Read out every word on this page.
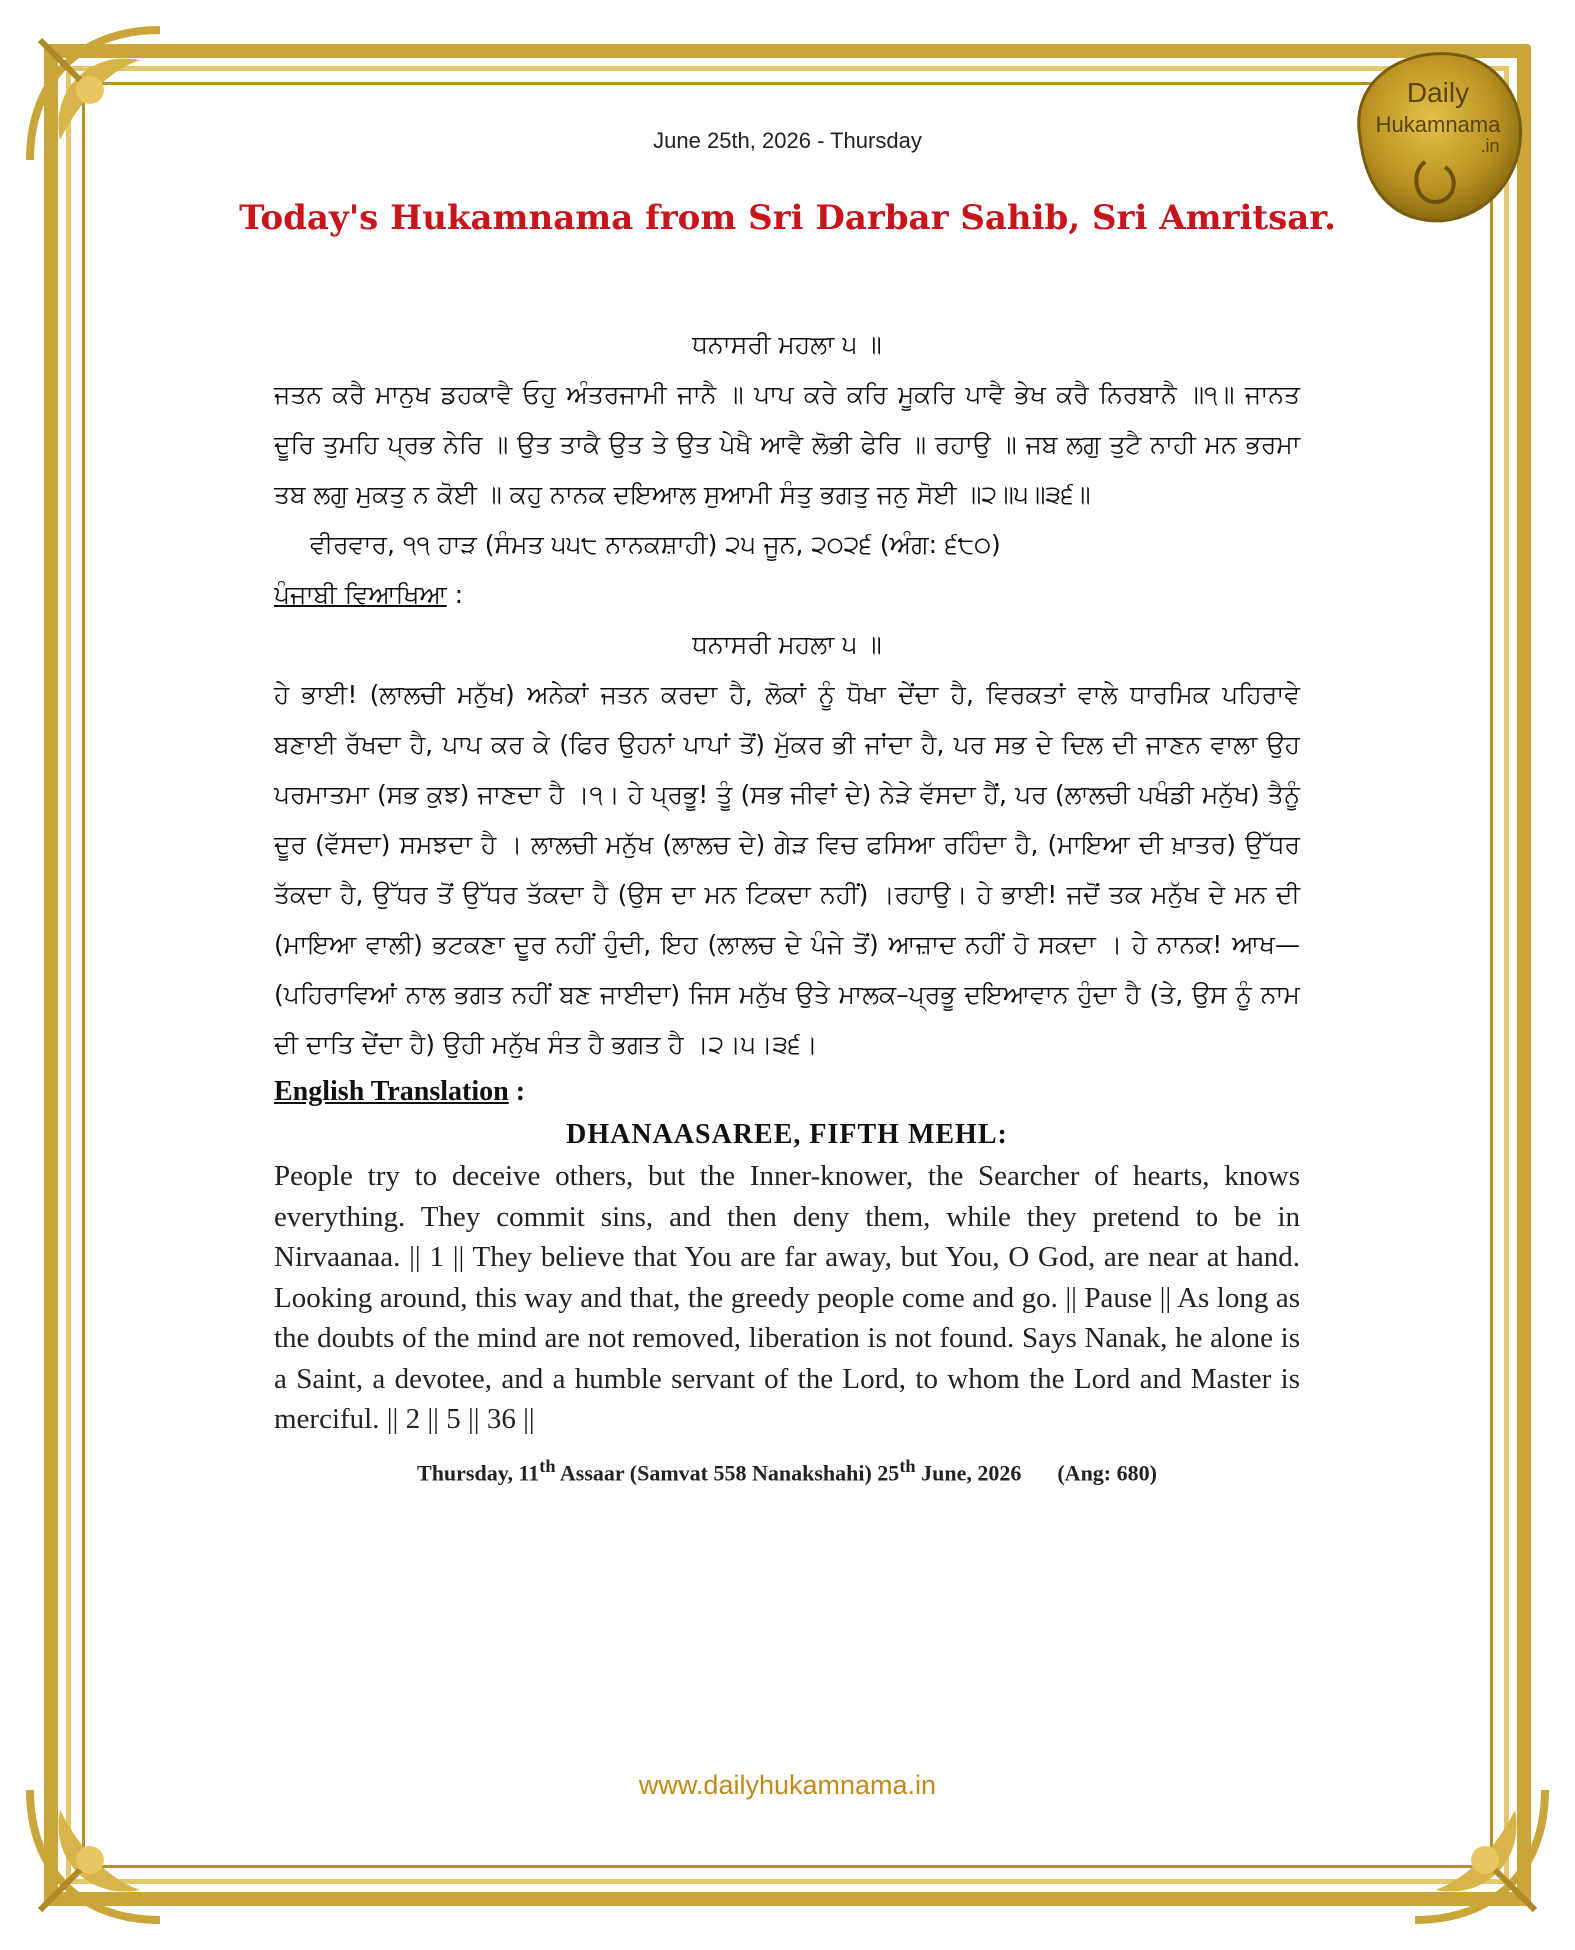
Daily
Hukamnama
.in
June 25th, 2026 - Thursday
Today's Hukamnama from Sri Darbar Sahib, Sri Amritsar.

ਧਨਾਸਰੀ ਮਹਲਾ ੫ ॥

ਜਤਨ ਕਰੈ ਮਾਨੁਖ ਡਹਕਾਵੈ ਓਹੁ ਅੰਤਰਜਾਮੀ ਜਾਨੈ ॥ ਪਾਪ ਕਰੇ ਕਰਿ ਮੂਕਰਿ ਪਾਵੈ ਭੇਖ ਕਰੈ ਨਿਰਬਾਨੈ ॥੧॥ ਜਾਨਤ ਦੂਰਿ ਤੁਮਹਿ ਪ੍ਰਭ ਨੇਰਿ ॥ ਉਤ ਤਾਕੈ ਉਤ ਤੇ ਉਤ ਪੇਖੈ ਆਵੈ ਲੋਭੀ ਫੇਰਿ ॥ ਰਹਾਉ ॥ ਜਬ ਲਗੁ ਤੁਟੈ ਨਾਹੀ ਮਨ ਭਰਮਾ ਤਬ ਲਗੁ ਮੁਕਤੁ ਨ ਕੋਈ ॥ ਕਹੁ ਨਾਨਕ ਦਇਆਲ ਸੁਆਮੀ ਸੰਤੁ ਭਗਤੁ ਜਨੁ ਸੋਈ ॥੨॥੫॥੩੬॥

ਵੀਰਵਾਰ, ੧੧ ਹਾੜ (ਸੰਮਤ ੫੫੮ ਨਾਨਕਸ਼ਾਹੀ) ੨੫ ਜੂਨ, ੨੦੨੬ (ਅੰਗ: ੬੮੦)

ਪੰਜਾਬੀ ਵਿਆਖਿਆ :

ਧਨਾਸਰੀ ਮਹਲਾ ੫ ॥

ਹੇ ਭਾਈ! (ਲਾਲਚੀ ਮਨੁੱਖ) ਅਨੇਕਾਂ ਜਤਨ ਕਰਦਾ ਹੈ, ਲੋਕਾਂ ਨੂੰ ਧੋਖਾ ਦੇਂਦਾ ਹੈ, ਵਿਰਕਤਾਂ ਵਾਲੇ ਧਾਰਮਿਕ ਪਹਿਰਾਵੇ ਬਣਾਈ ਰੱਖਦਾ ਹੈ, ਪਾਪ ਕਰ ਕੇ (ਫਿਰ ਉਹਨਾਂ ਪਾਪਾਂ ਤੋਂ) ਮੁੱਕਰ ਭੀ ਜਾਂਦਾ ਹੈ, ਪਰ ਸਭ ਦੇ ਦਿਲ ਦੀ ਜਾਣਨ ਵਾਲਾ ਉਹ ਪਰਮਾਤਮਾ (ਸਭ ਕੁਝ) ਜਾਣਦਾ ਹੈ ।੧। ਹੇ ਪ੍ਰਭੂ! ਤੂੰ (ਸਭ ਜੀਵਾਂ ਦੇ) ਨੇੜੇ ਵੱਸਦਾ ਹੈਂ, ਪਰ (ਲਾਲਚੀ ਪਖੰਡੀ ਮਨੁੱਖ) ਤੈਨੂੰ ਦੂਰ (ਵੱਸਦਾ) ਸਮਝਦਾ ਹੈ । ਲਾਲਚੀ ਮਨੁੱਖ (ਲਾਲਚ ਦੇ) ਗੇੜ ਵਿਚ ਫਸਿਆ ਰਹਿੰਦਾ ਹੈ, (ਮਾਇਆ ਦੀ ਖ਼ਾਤਰ) ਉੱਧਰ ਤੱਕਦਾ ਹੈ, ਉੱਧਰ ਤੋਂ ਉੱਧਰ ਤੱਕਦਾ ਹੈ (ਉਸ ਦਾ ਮਨ ਟਿਕਦਾ ਨਹੀਂ) ।ਰਹਾਉ। ਹੇ ਭਾਈ! ਜਦੋਂ ਤਕ ਮਨੁੱਖ ਦੇ ਮਨ ਦੀ (ਮਾਇਆ ਵਾਲੀ) ਭਟਕਣਾ ਦੂਰ ਨਹੀਂ ਹੁੰਦੀ, ਇਹ (ਲਾਲਚ ਦੇ ਪੰਜੇ ਤੋਂ) ਆਜ਼ਾਦ ਨਹੀਂ ਹੋ ਸਕਦਾ । ਹੇ ਨਾਨਕ! ਆਖ—(ਪਹਿਰਾਵਿਆਂ ਨਾਲ ਭਗਤ ਨਹੀਂ ਬਣ ਜਾਈਦਾ) ਜਿਸ ਮਨੁੱਖ ਉਤੇ ਮਾਲਕ–ਪ੍ਰਭੂ ਦਇਆਵਾਨ ਹੁੰਦਾ ਹੈ (ਤੇ, ਉਸ ਨੂੰ ਨਾਮ ਦੀ ਦਾਤਿ ਦੇਂਦਾ ਹੈ) ਉਹੀ ਮਨੁੱਖ ਸੰਤ ਹੈ ਭਗਤ ਹੈ ।੨।੫।੩੬।

English Translation :

DHANAASAREE, FIFTH MEHL:

People try to deceive others, but the Inner-knower, the Searcher of hearts, knows everything. They commit sins, and then deny them, while they pretend to be in Nirvaanaa. || 1 || They believe that You are far away, but You, O God, are near at hand. Looking around, this way and that, the greedy people come and go. || Pause || As long as the doubts of the mind are not removed, liberation is not found. Says Nanak, he alone is a Saint, a devotee, and a humble servant of the Lord, to whom the Lord and Master is merciful. || 2 || 5 || 36 ||

Thursday, 11th Assaar (Samvat 558 Nanakshahi) 25th June, 2026 (Ang: 680)

www.dailyhukamnama.in
